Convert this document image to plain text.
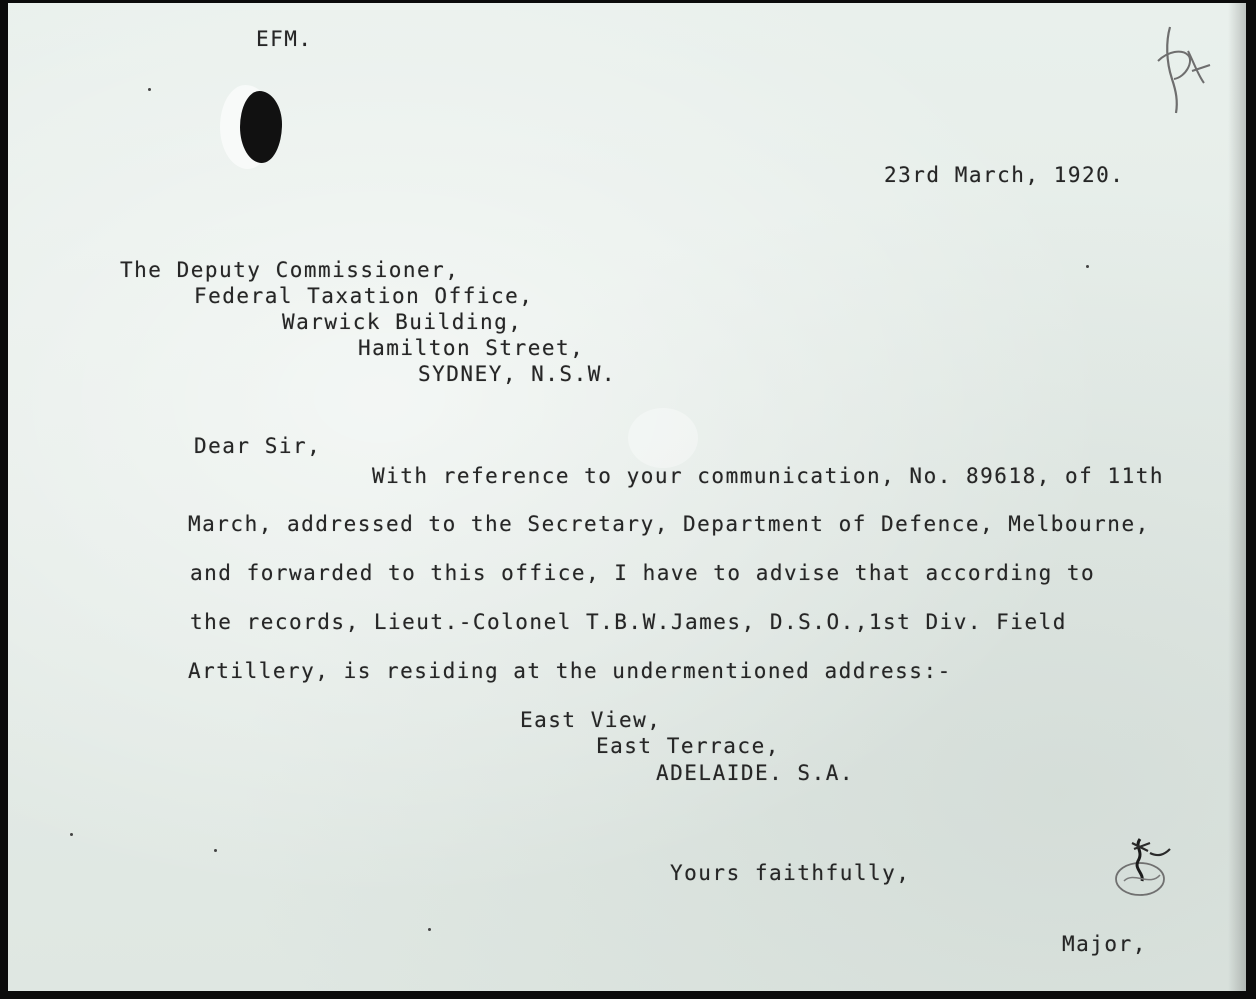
EFM.
23rd March, 1920.
The Deputy Commissioner,
Federal Taxation Office,
Warwick Building,
Hamilton Street,
SYDNEY, N.S.W.
Dear Sir,
With reference to your communication, No. 89618, of 11th
March, addressed to the Secretary, Department of Defence, Melbourne,
and forwarded to this office, I have to advise that according to
the records, Lieut.-Colonel T.B.W.James, D.S.O.,1st Div. Field
Artillery, is residing at the undermentioned address:-
East View,
East Terrace,
ADELAIDE. S.A.
Yours faithfully,
Major,
